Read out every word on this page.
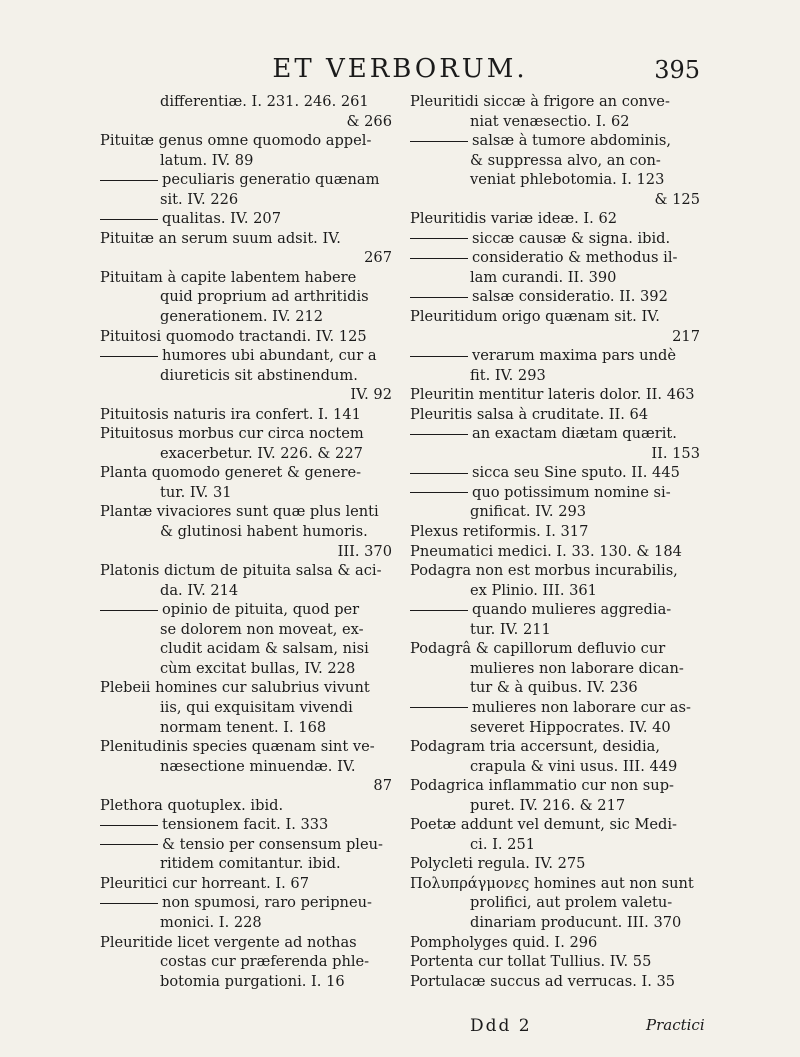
ET VERBORUM.	395
differentiæ. I. 231. 246. 261
& 266
Pituitæ genus omne quomodo appel-
latum. IV. 89
peculiaris generatio quænam
sit. IV. 226
qualitas. IV. 207
Pituitæ an serum suum adsit. IV.
267
Pituitam à capite labentem habere
quid proprium ad arthritidis
generationem. IV. 212
Pituitosi quomodo tractandi. IV. 125
humores ubi abundant, cur a
diureticis sit abstinendum.
IV. 92
Pituitosis naturis ira confert. I. 141
Pituitosus morbus cur circa noctem
exacerbetur. IV. 226. & 227
Planta quomodo generet & genere-
tur. IV. 31
Plantæ vivaciores sunt quæ plus lenti
& glutinosi habent humoris.
III. 370
Platonis dictum de pituita salsa & aci-
da. IV. 214
opinio de pituita, quod per
se dolorem non moveat, ex-
cludit acidam & salsam, nisi
cùm excitat bullas, IV. 228
Plebeii homines cur salubrius vivunt
iis, qui exquisitam vivendi
normam tenent. I. 168
Plenitudinis species quænam sint ve-
næsectione minuendæ. IV.
87
Plethora quotuplex. ibid.
tensionem facit. I. 333
& tensio per consensum pleu-
ritidem comitantur. ibid.
Pleuritici cur horreant. I. 67
non spumosi, raro peripneu-
monici. I. 228
Pleuritide licet vergente ad nothas
costas cur præferenda phle-
botomia purgationi. I. 16
Pleuritidi siccæ à frigore an conve-
niat venæsectio. I. 62
salsæ à tumore abdominis,
& suppressa alvo, an con-
veniat phlebotomia. I. 123
& 125
Pleuritidis variæ ideæ. I. 62
siccæ causæ & signa. ibid.
consideratio & methodus il-
lam curandi. II. 390
salsæ consideratio. II. 392
Pleuritidum origo quænam sit. IV.
217
verarum maxima pars undè
fit. IV. 293
Pleuritin mentitur lateris dolor. II. 463
Pleuritis salsa à cruditate. II. 64
an exactam diætam quærit.
II. 153
sicca seu Sine sputo. II. 445
quo potissimum nomine si-
gnificat. IV. 293
Plexus retiformis. I. 317
Pneumatici medici. I. 33. 130. & 184
Podagra non est morbus incurabilis,
ex Plinio. III. 361
quando mulieres aggredia-
tur. IV. 211
Podagrâ & capillorum defluvio cur
mulieres non laborare dican-
tur & à quibus. IV. 236
mulieres non laborare cur as-
severet Hippocrates. IV. 40
Podagram tria accersunt, desidia,
crapula & vini usus. III. 449
Podagrica inflammatio cur non sup-
puret. IV. 216. & 217
Poetæ addunt vel demunt, sic Medi-
ci. I. 251
Polycleti regula. IV. 275
Πολυπράγμονες homines aut non sunt
prolifici, aut prolem valetu-
dinariam producunt. III. 370
Pompholyges quid. I. 296
Portenta cur tollat Tullius. IV. 55
Portulacæ succus ad verrucas. I. 35
Ddd 2	Practici
